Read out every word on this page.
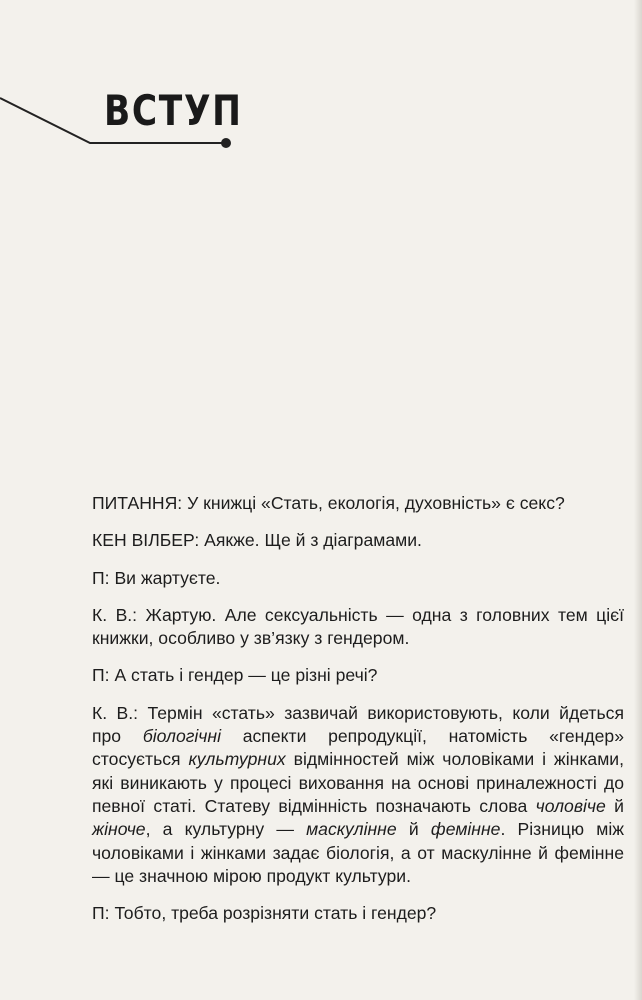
ВСТУП

ПИТАННЯ: У книжці «Стать, екологія, духовність» є секс?

КЕН ВІЛБЕР: Аякже. Ще й з діаграмами.

П: Ви жартуєте.

К. В.: Жартую. Але сексуальність — одна з головних тем цієї книжки, особливо у зв’язку з гендером.

П: А стать і гендер — це різні речі?

К. В.: Термін «стать» зазвичай використовують, коли йдеться про біологічні аспекти репродукції, натомість «гендер» стосується культурних відмінностей між чоловіками і жінками, які виникають у процесі виховання на основі приналежності до певної статі. Статеву відмінність позначають слова чоловіче й жіноче, а культурну — маскулінне й фемінне. Різницю між чоловіками і жінками задає біологія, а от маскулінне й фемінне — це значною мірою продукт культури.

П: Тобто, треба розрізняти стать і гендер?
